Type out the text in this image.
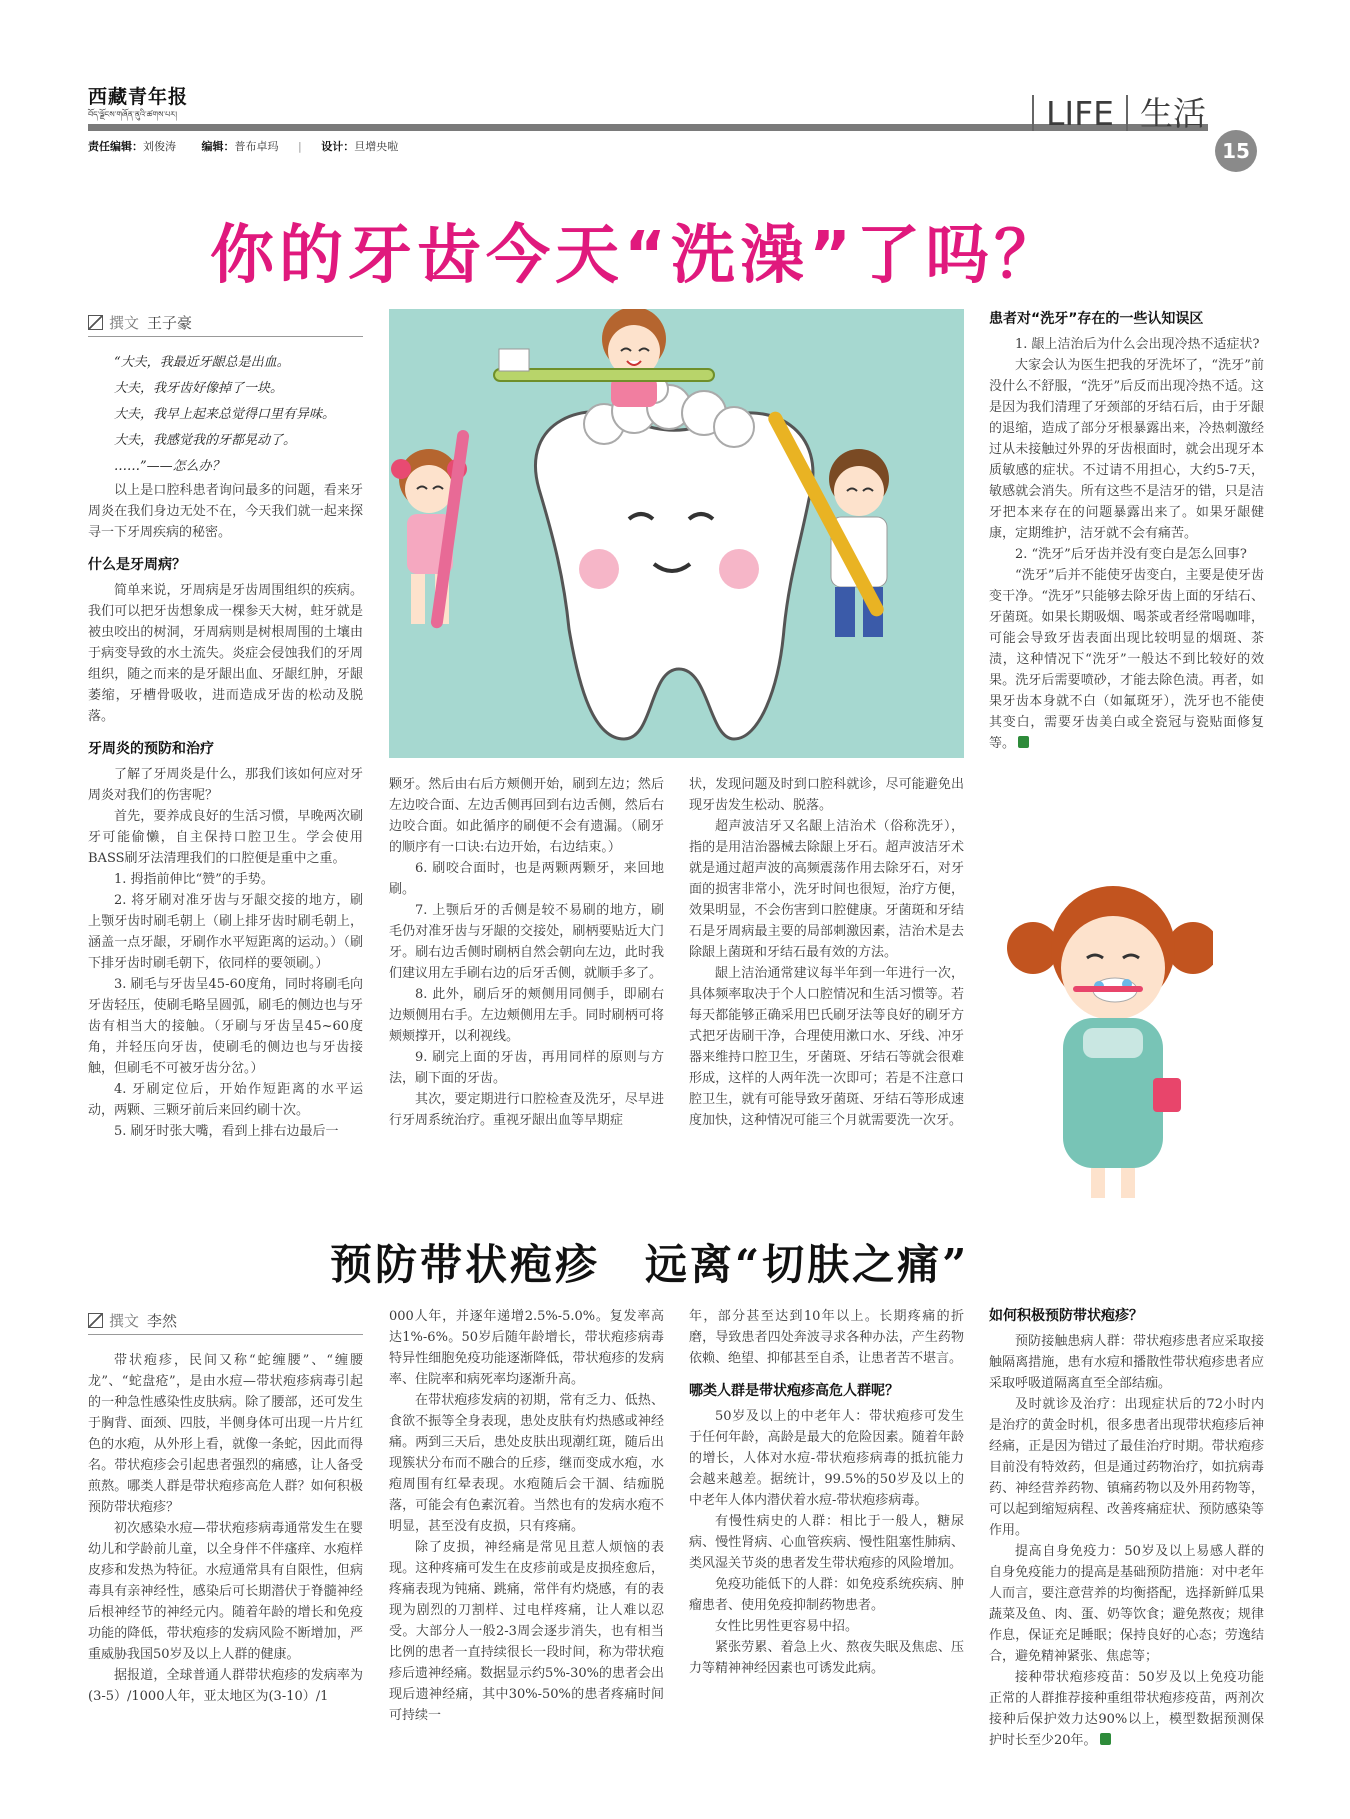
西藏青年报
བོད་ལྗོངས་གཞོན་ནུའི་ཚགས་པར།
责任编辑：刘俊涛 编辑：普布卓玛 | 设计：旦增央啦
LIFE 生活
15
你的牙齿今天“洗澡”了吗？
撰文 王子豪

“大夫，我最近牙龈总是出血。

大夫，我牙齿好像掉了一块。

大夫，我早上起来总觉得口里有异味。

大夫，我感觉我的牙都晃动了。

……”——怎么办？

以上是口腔科患者询问最多的问题，看来牙周炎在我们身边无处不在，今天我们就一起来探寻一下牙周疾病的秘密。

什么是牙周病？

简单来说，牙周病是牙齿周围组织的疾病。我们可以把牙齿想象成一棵参天大树，蛀牙就是被虫咬出的树洞，牙周病则是树根周围的土壤由于病变导致的水土流失。炎症会侵蚀我们的牙周组织，随之而来的是牙龈出血、牙龈红肿，牙龈萎缩，牙槽骨吸收，进而造成牙齿的松动及脱落。

牙周炎的预防和治疗

了解了牙周炎是什么，那我们该如何应对牙周炎对我们的伤害呢？

首先，要养成良好的生活习惯，早晚两次刷牙可能偷懒，自主保持口腔卫生。学会使用BASS刷牙法清理我们的口腔便是重中之重。

1. 拇指前伸比“赞”的手势。

2. 将牙刷对准牙齿与牙龈交接的地方，刷上颚牙齿时刷毛朝上（刷上排牙齿时刷毛朝上，涵盖一点牙龈，牙刷作水平短距离的运动。）（刷下排牙齿时刷毛朝下，依同样的要领刷。）

3. 刷毛与牙齿呈45-60度角，同时将刷毛向牙齿轻压，使刷毛略呈圆弧，刷毛的侧边也与牙齿有相当大的接触。（牙刷与牙齿呈45~60度角，并轻压向牙齿，使刷毛的侧边也与牙齿接触，但刷毛不可被牙齿分岔。）

4. 牙刷定位后，开始作短距离的水平运动，两颗、三颗牙前后来回约刷十次。

5. 刷牙时张大嘴，看到上排右边最后一

颗牙。然后由右后方颊侧开始，刷到左边；然后左边咬合面、左边舌侧再回到右边舌侧，然后右边咬合面。如此循序的刷便不会有遗漏。（刷牙的顺序有一口诀:右边开始，右边结束。）

6. 刷咬合面时，也是两颗两颗牙，来回地刷。

7. 上颚后牙的舌侧是较不易刷的地方，刷毛仍对准牙齿与牙龈的交接处，刷柄要贴近大门牙。刷右边舌侧时刷柄自然会朝向左边，此时我们建议用左手刷右边的后牙舌侧，就顺手多了。

8. 此外，刷后牙的颊侧用同侧手，即刷右边颊侧用右手。左边颊侧用左手。同时刷柄可将颊颊撑开，以利视线。

9. 刷完上面的牙齿，再用同样的原则与方法，刷下面的牙齿。

其次，要定期进行口腔检查及洗牙，尽早进行牙周系统治疗。重视牙龈出血等早期症

状，发现问题及时到口腔科就诊，尽可能避免出现牙齿发生松动、脱落。

超声波洁牙又名龈上洁治术（俗称洗牙），指的是用洁治器械去除龈上牙石。超声波洁牙术就是通过超声波的高频震荡作用去除牙石，对牙面的损害非常小，洗牙时间也很短，治疗方便，效果明显，不会伤害到口腔健康。牙菌斑和牙结石是牙周病最主要的局部刺激因素，洁治术是去除龈上菌斑和牙结石最有效的方法。

龈上洁治通常建议每半年到一年进行一次，具体频率取决于个人口腔情况和生活习惯等。若每天都能够正确采用巴氏刷牙法等良好的刷牙方式把牙齿刷干净，合理使用漱口水、牙线、冲牙器来维持口腔卫生，牙菌斑、牙结石等就会很难形成，这样的人两年洗一次即可；若是不注意口腔卫生，就有可能导致牙菌斑、牙结石等形成速度加快，这种情况可能三个月就需要洗一次牙。

患者对“洗牙”存在的一些认知误区

1. 龈上洁治后为什么会出现冷热不适症状?

大家会认为医生把我的牙洗坏了，“洗牙”前没什么不舒服，“洗牙”后反而出现冷热不适。这是因为我们清理了牙颈部的牙结石后，由于牙龈的退缩，造成了部分牙根暴露出来，冷热刺激经过从未接触过外界的牙齿根面时，就会出现牙本质敏感的症状。不过请不用担心，大约5-7天，敏感就会消失。所有这些不是洁牙的错，只是洁牙把本来存在的问题暴露出来了。如果牙龈健康，定期维护，洁牙就不会有痛苦。

2. “洗牙”后牙齿并没有变白是怎么回事?

“洗牙”后并不能使牙齿变白，主要是使牙齿变干净。“洗牙”只能够去除牙齿上面的牙结石、牙菌斑。如果长期吸烟、喝茶或者经常喝咖啡，可能会导致牙齿表面出现比较明显的烟斑、茶渍，这种情况下“洗牙”一般达不到比较好的效果。洗牙后需要喷砂，才能去除色渍。再者，如果牙齿本身就不白（如氟斑牙），洗牙也不能使其变白，需要牙齿美白或全瓷冠与瓷贴面修复等。

预防带状疱疹　远离“切肤之痛”
撰文 李然

带状疱疹，民间又称“蛇缠腰”、“缠腰龙”、“蛇盘疮”，是由水痘—带状疱疹病毒引起的一种急性感染性皮肤病。除了腰部，还可发生于胸背、面颈、四肢，半侧身体可出现一片片红色的水疱，从外形上看，就像一条蛇，因此而得名。带状疱疹会引起患者强烈的痛感，让人备受煎熬。哪类人群是带状疱疹高危人群？如何积极预防带状疱疹？

初次感染水痘—带状疱疹病毒通常发生在婴幼儿和学龄前儿童，以全身伴不伴瘙痒、水疱样皮疹和发热为特征。水痘通常具有自限性，但病毒具有亲神经性，感染后可长期潜伏于脊髓神经后根神经节的神经元内。随着年龄的增长和免疫功能的降低，带状疱疹的发病风险不断增加，严重威胁我国50岁及以上人群的健康。

据报道，全球普通人群带状疱疹的发病率为(3-5）/1000人年，亚太地区为(3-10）/1

000人年，并逐年递增2.5%-5.0%。复发率高达1%-6%。50岁后随年龄增长，带状疱疹病毒特异性细胞免疫功能逐渐降低，带状疱疹的发病率、住院率和病死率均逐渐升高。

在带状疱疹发病的初期，常有乏力、低热、食欲不振等全身表现，患处皮肤有灼热感或神经痛。两到三天后，患处皮肤出现潮红斑，随后出现簇状分布而不融合的丘疹，继而变成水疱，水疱周围有红晕表现。水疱随后会干涸、结痂脱落，可能会有色素沉着。当然也有的发病水疱不明显，甚至没有皮损，只有疼痛。

除了皮损，神经痛是常见且惹人烦恼的表现。这种疼痛可发生在皮疹前或是皮损痊愈后，疼痛表现为钝痛、跳痛，常伴有灼烧感，有的表现为剧烈的刀割样、过电样疼痛，让人难以忍受。大部分人一般2-3周会逐步消失，也有相当比例的患者一直持续很长一段时间，称为带状疱疹后遗神经痛。数据显示约5%-30%的患者会出现后遗神经痛，其中30%-50%的患者疼痛时间可持续一

年，部分甚至达到10年以上。长期疼痛的折磨，导致患者四处奔波寻求各种办法，产生药物依赖、绝望、抑郁甚至自杀，让患者苦不堪言。

哪类人群是带状疱疹高危人群呢？

50岁及以上的中老年人：带状疱疹可发生于任何年龄，高龄是最大的危险因素。随着年龄的增长，人体对水痘-带状疱疹病毒的抵抗能力会越来越差。据统计，99.5%的50岁及以上的中老年人体内潜伏着水痘-带状疱疹病毒。

有慢性病史的人群：相比于一般人，糖尿病、慢性肾病、心血管疾病、慢性阻塞性肺病、类风湿关节炎的患者发生带状疱疹的风险增加。

免疫功能低下的人群：如免疫系统疾病、肿瘤患者、使用免疫抑制药物患者。

女性比男性更容易中招。

紧张劳累、着急上火、熬夜失眠及焦虑、压力等精神神经因素也可诱发此病。

如何积极预防带状疱疹？

预防接触患病人群：带状疱疹患者应采取接触隔离措施，患有水痘和播散性带状疱疹患者应采取呼吸道隔离直至全部结痂。

及时就诊及治疗：出现症状后的72小时内是治疗的黄金时机，很多患者出现带状疱疹后神经痛，正是因为错过了最佳治疗时期。带状疱疹目前没有特效药，但是通过药物治疗，如抗病毒药、神经营养药物、镇痛药物以及外用药物等，可以起到缩短病程、改善疼痛症状、预防感染等作用。

提高自身免疫力：50岁及以上易感人群的自身免疫能力的提高是基础预防措施：对中老年人而言，要注意营养的均衡搭配，选择新鲜瓜果蔬菜及鱼、肉、蛋、奶等饮食；避免熬夜；规律作息，保证充足睡眠；保持良好的心态；劳逸结合，避免精神紧张、焦虑等；

接种带状疱疹疫苗：50岁及以上免疫功能正常的人群推荐接种重组带状疱疹疫苗，两剂次接种后保护效力达90%以上，模型数据预测保护时长至少20年。
